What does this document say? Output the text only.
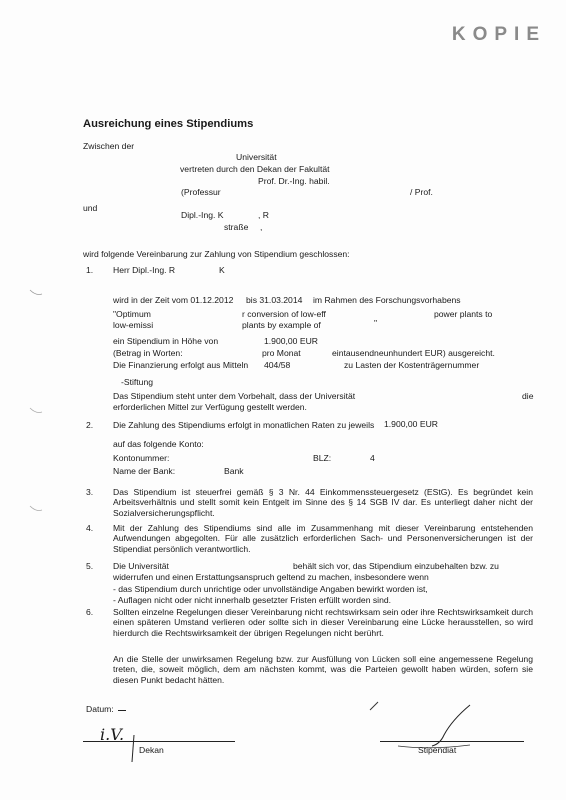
KOPIE
Ausreichung eines Stipendiums
Zwischen der
Universität
vertreten durch den Dekan der Fakultät
Prof. Dr.-Ing. habil.
(Professur	/ Prof.
und
Dipl.-Ing. K	, R
straße ,
wird folgende Vereinbarung zur Zahlung von Stipendium geschlossen:
1. Herr Dipl.-Ing. R	K
wird in der Zeit vom 01.12.2012 bis 31.03.2014 im Rahmen des Forschungsvorhabens
"Optimum	r conversion of low-eff	power plants to
low-emissi	plants by example of	"
ein Stipendium in Höhe von	1.900,00 EUR
(Betrag in Worten:	pro Monat	eintausendneunhundert EUR) ausgereicht.
Die Finanzierung erfolgt aus Mitteln 404/58	zu Lasten der Kostenträgernummer
-Stiftung
Das Stipendium steht unter dem Vorbehalt, dass der Universität	die
erforderlichen Mittel zur Verfügung gestellt werden.
2. Die Zahlung des Stipendiums erfolgt in monatlichen Raten zu jeweils 1.900,00 EUR
auf das folgende Konto:
Kontonummer:	BLZ:	4
Name der Bank:	Bank
3. Das Stipendium ist steuerfrei gemäß § 3 Nr. 44 Einkommenssteuergesetz (EStG). Es begründet kein Arbeitsverhältnis und stellt somit kein Entgelt im Sinne des § 14 SGB IV dar. Es unterliegt daher nicht der Sozialversicherungspflicht.
4. Mit der Zahlung des Stipendiums sind alle im Zusammenhang mit dieser Vereinbarung entstehenden Aufwendungen abgegolten. Für alle zusätzlich erforderlichen Sach- und Personenversicherungen ist der Stipendiat persönlich verantwortlich.
5. Die Universität	behält sich vor, das Stipendium einzubehalten bzw. zu
widerrufen und einen Erstattungsanspruch geltend zu machen, insbesondere wenn
- das Stipendium durch unrichtige oder unvollständige Angaben bewirkt worden ist,
- Auflagen nicht oder nicht innerhalb gesetzter Fristen erfüllt worden sind.
6. Sollten einzelne Regelungen dieser Vereinbarung nicht rechtswirksam sein oder ihre Rechtswirksamkeit durch einen späteren Umstand verlieren oder sollte sich in dieser Vereinbarung eine Lücke herausstellen, so wird hierdurch die Rechtswirksamkeit der übrigen Regelungen nicht berührt.
An die Stelle der unwirksamen Regelung bzw. zur Ausfüllung von Lücken soll eine angemessene Regelung treten, die, soweit möglich, dem am nächsten kommt, was die Parteien gewollt haben würden, sofern sie diesen Punkt bedacht hätten.
Datum:
i.V.
Dekan	Stipendiat
